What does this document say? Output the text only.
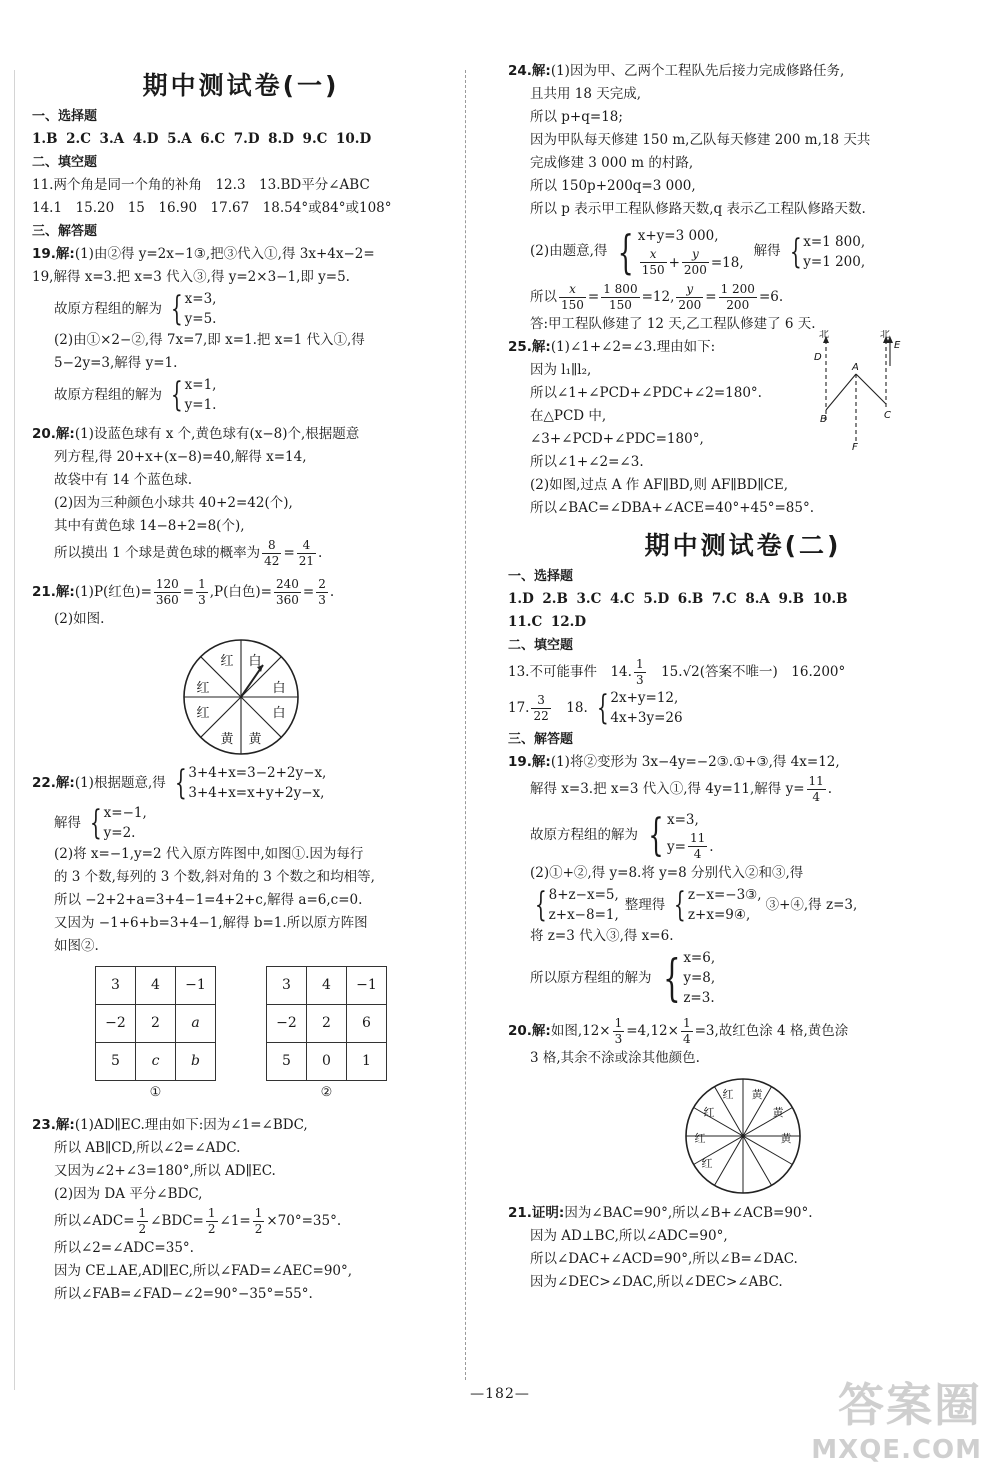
期中测试卷(一)
一、选择题
1.B 2.C 3.A 4.D 5.A 6.C 7.D 8.D 9.C 10.D
二、填空题
11.两个角是同一个角的补角　12.3　13.BD平分∠ABC
14.1　15.20　15　16.90　17.67　18.54°或84°或108°
三、解答题
19.解:(1)由②得 y=2x−1③,把③代入①,得 3x+4x−2=
19,解得 x=3.把 x=3 代入③,得 y=2×3−1,即 y=5.
故原方程组的解为 { x=3,
y=5.
(2)由①×2−②,得 7x=7,即 x=1.把 x=1 代入①,得
5−2y=3,解得 y=1.
故原方程组的解为 { x=1,
y=1.
20.解:(1)设蓝色球有 x 个,黄色球有(x−8)个,根据题意
列方程,得 20+x+(x−8)=40,解得 x=14,
故袋中有 14 个蓝色球.
(2)因为三种颜色小球共 40+2=42(个),
其中有黄色球 14−8+2=8(个),
所以摸出 1 个球是黄色球的概率为 $\frac{8}{42} = \frac{4}{21}$ .
21.解: (1)P(红色)= $\frac{120}{360} = \frac{1}{3} ,P$(白色)= $\frac{240}{360} = \frac{2}{3}$ .
(2)如图.
白
白
白
黄
黄
红
红
红
22.解: (1)根据题意,得 { 3+4+x=3−2+2y−x,
3+4+x=x+y+2y−x,
解得 { x=−1,
y=2.
(2)将 x=−1,y=2 代入原方阵图中,如图①.因为每行
的 3 个数,每列的 3 个数,斜对角的 3 个数之和均相等,
所以 −2+2+a=3+4−1=4+2+c,解得 a=6,c=0.
又因为 −1+6+b=3+4−1,解得 b=1.所以原方阵图
如图②.
3	4	−1
−2	2	a
5	c	b
①
3	4	−1
−2	2	6
5	0	1
②
23.解:(1)AD∥EC.理由如下:因为∠1=∠BDC,
所以 AB∥CD,所以∠2=∠ADC.
又因为∠2+∠3=180°,所以 AD∥EC.
(2)因为 DA 平分∠BDC,
所以∠ADC= $\frac{1}{2}$ ∠BDC= $\frac{1}{2}$ ∠1= $\frac{1}{2} \times 70^\circ=35^\circ$.
所以∠2=∠ADC=35°.
因为 CE⊥AE,AD∥EC,所以∠FAD=∠AEC=90°,
所以∠FAB=∠FAD−∠2=90°−35°=55°.
24.解:(1)因为甲、乙两个工程队先后接力完成修路任务,
且共用 18 天完成,
所以 p+q=18;
因为甲队每天修建 150 m,乙队每天修建 200 m,18 天共
完成修建 3 000 m 的村路,
所以 150p+200q=3 000,
所以 p 表示甲工程队修路天数,q 表示乙工程队修路天数.
(2)由题意,得 { x+y=3 000,
$\frac{x}{150} + \frac{y}{200} =18$,
解得 { x=1 800,
y=1 200,
所以 $\frac{x}{150} = \frac{1 800}{150} =12$, $\frac{y}{200} = \frac{1 200}{200} =6$.
答:甲工程队修建了 12 天,乙工程队修建了 6 天.
25.解:(1)∠1+∠2=∠3.理由如下:
因为 l₁∥l₂,
所以∠1+∠PCD+∠PDC+∠2=180°.
在△PCD 中,
∠3+∠PCD+∠PDC=180°,
所以∠1+∠2=∠3.
(2)如图,过点 A 作 AF∥BD,则 AF∥BD∥CE,
所以∠BAC=∠DBA+∠ACE=40°+45°=85°.
北	北
D
A
E
B	C
F
期中测试卷(二)
一、选择题
1.D 2.B 3.C 4.C 5.D 6.B 7.C 8.A 9.B 10.B
11.C 12.D
二、填空题
13.不可能事件　14. $\frac{1}{3}$ 　15.√2(答案不唯一)　16.200°
17. $\frac{3}{22}$ 　18. { 2x+y=12,
4x+3y=26
三、解答题
19.解:(1)将②变形为 3x−4y=−2③.①+③,得 4x=12,
解得 x=3.把 x=3 代入①,得 4y=11,解得 $y= \frac{11}{4}$ .
故原方程组的解为 { x=3,
$y= \frac{11}{4}$ .
(2)①+②,得 y=8.将 y=8 分别代入②和③,得
{ 8+z−x=5,
z+x−8=1,
整理得 { z−x=−3③,
z+x=9④,
③+④,得 z=3,
将 z=3 代入③,得 x=6.
所以原方程组的解为 { x=6,
y=8,
z=3.
20.解: 如图$,12\times \frac{1}{3} =4,12\times \frac{1}{4} =3$,故红色涂 4 格,黄色涂
3 格,其余不涂或涂其他颜色.
红 黄
黄
黄
红
红
红
21.证明:因为∠BAC=90°,所以∠B+∠ACB=90°.
因为 AD⊥BC,所以∠ADC=90°,
所以∠DAC+∠ACD=90°,所以∠B=∠DAC.
因为∠DEC>∠DAC,所以∠DEC>∠ABC.
—182—	答案圈
MXQE.COM
